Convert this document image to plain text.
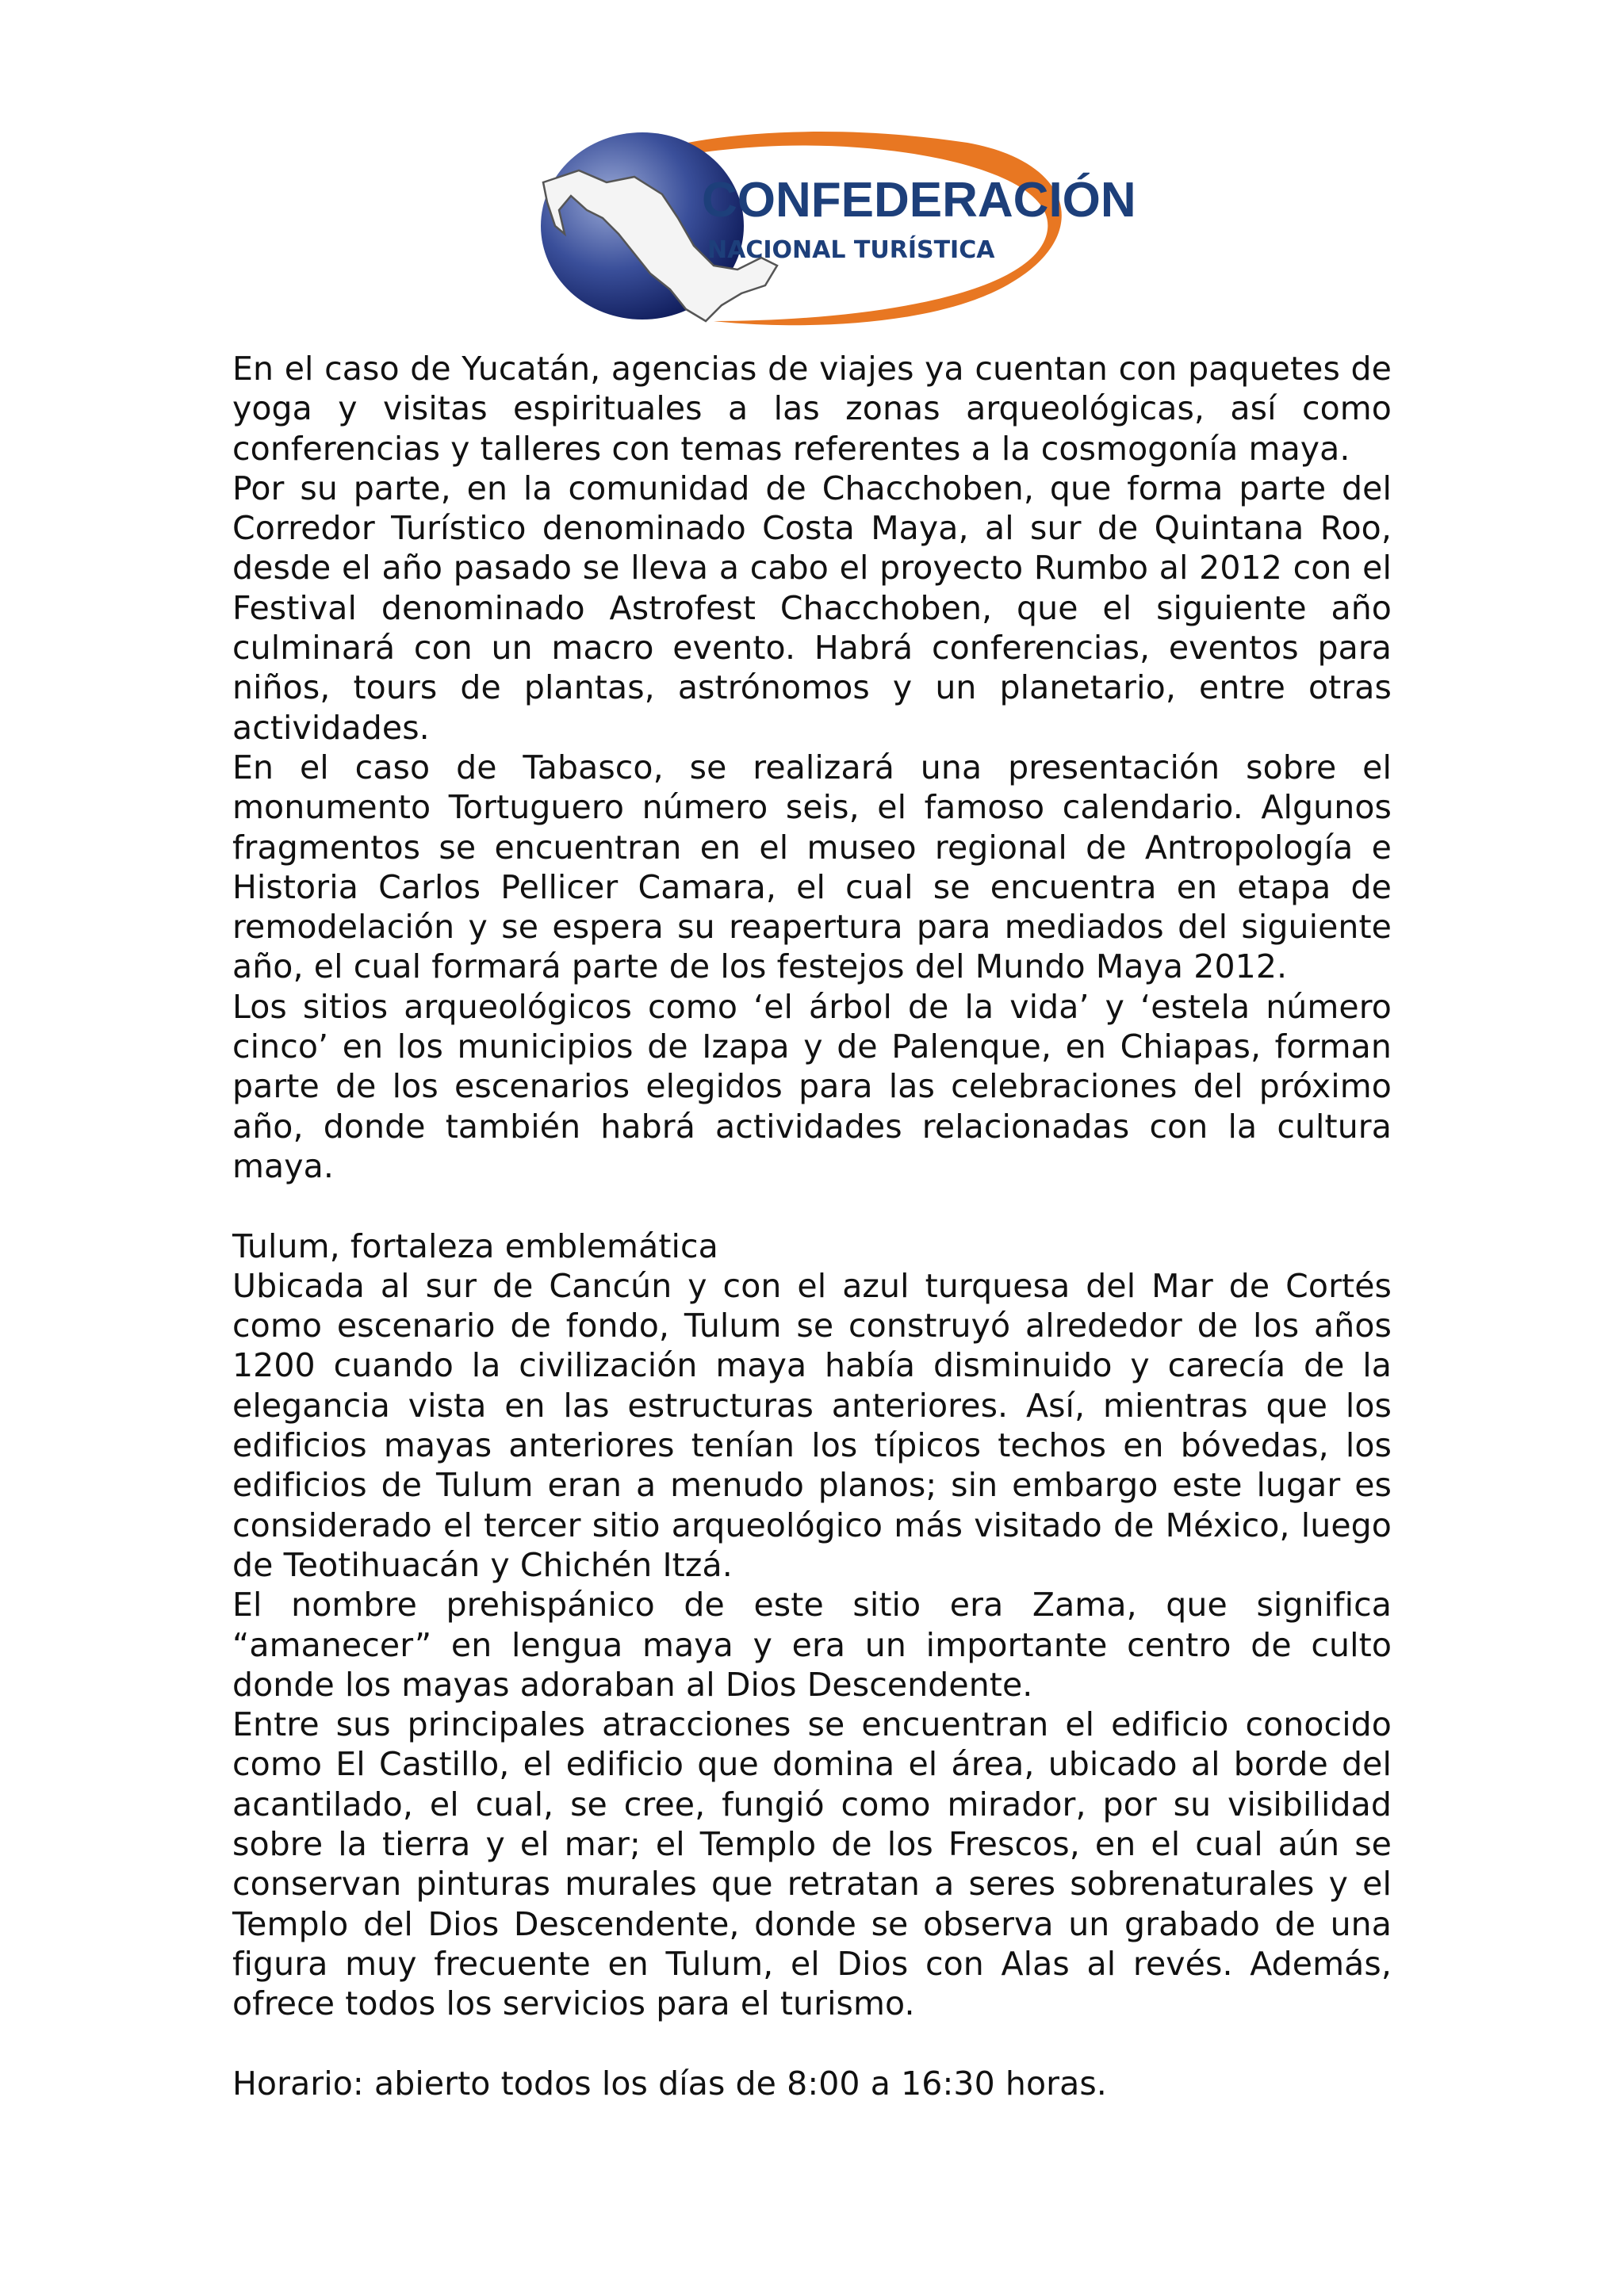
CONFEDERACIÓN
NACIONAL TURÍSTICA

En el caso de Yucatán, agencias de viajes ya cuentan con paquetes de yoga y visitas espirituales a las zonas arqueológicas, así como conferencias y talleres con temas referentes a la cosmogonía maya.

Por su parte, en la comunidad de Chacchoben, que forma parte del Corredor Turístico denominado Costa Maya, al sur de Quintana Roo, desde el año pasado se lleva a cabo el proyecto Rumbo al 2012 con el Festival denominado Astrofest Chacchoben, que el siguiente año culminará con un macro evento. Habrá conferencias, eventos para niños, tours de plantas, astrónomos y un planetario, entre otras actividades.

En el caso de Tabasco, se realizará una presentación sobre el monumento Tortuguero número seis, el famoso calendario. Algunos fragmentos se encuentran en el museo regional de Antropología e Historia Carlos Pellicer Camara, el cual se encuentra en etapa de remodelación y se espera su reapertura para mediados del siguiente año, el cual formará parte de los festejos del Mundo Maya 2012.

Los sitios arqueológicos como ‘el árbol de la vida’ y ‘estela número cinco’ en los municipios de Izapa y de Palenque, en Chiapas, forman parte de los escenarios elegidos para las celebraciones del próximo año, donde también habrá actividades relacionadas con la cultura maya.

Tulum, fortaleza emblemática

Ubicada al sur de Cancún y con el azul turquesa del Mar de Cortés como escenario de fondo, Tulum se construyó alrededor de los años 1200 cuando la civilización maya había disminuido y carecía de la elegancia vista en las estructuras anteriores. Así, mientras que los edificios mayas anteriores tenían los típicos techos en bóvedas, los edificios de Tulum eran a menudo planos; sin embargo este lugar es considerado el tercer sitio arqueológico más visitado de México, luego de Teotihuacán y Chichén Itzá.

El nombre prehispánico de este sitio era Zama, que significa “amanecer” en lengua maya y era un importante centro de culto donde los mayas adoraban al Dios Descendente.

Entre sus principales atracciones se encuentran el edificio conocido como El Castillo, el edificio que domina el área, ubicado al borde del acantilado, el cual, se cree, fungió como mirador, por su visibilidad sobre la tierra y el mar; el Templo de los Frescos, en el cual aún se conservan pinturas murales que retratan a seres sobrenaturales y el Templo del Dios Descendente, donde se observa un grabado de una figura muy frecuente en Tulum, el Dios con Alas al revés. Además, ofrece todos los servicios para el turismo.

Horario: abierto todos los días de 8:00 a 16:30 horas.
